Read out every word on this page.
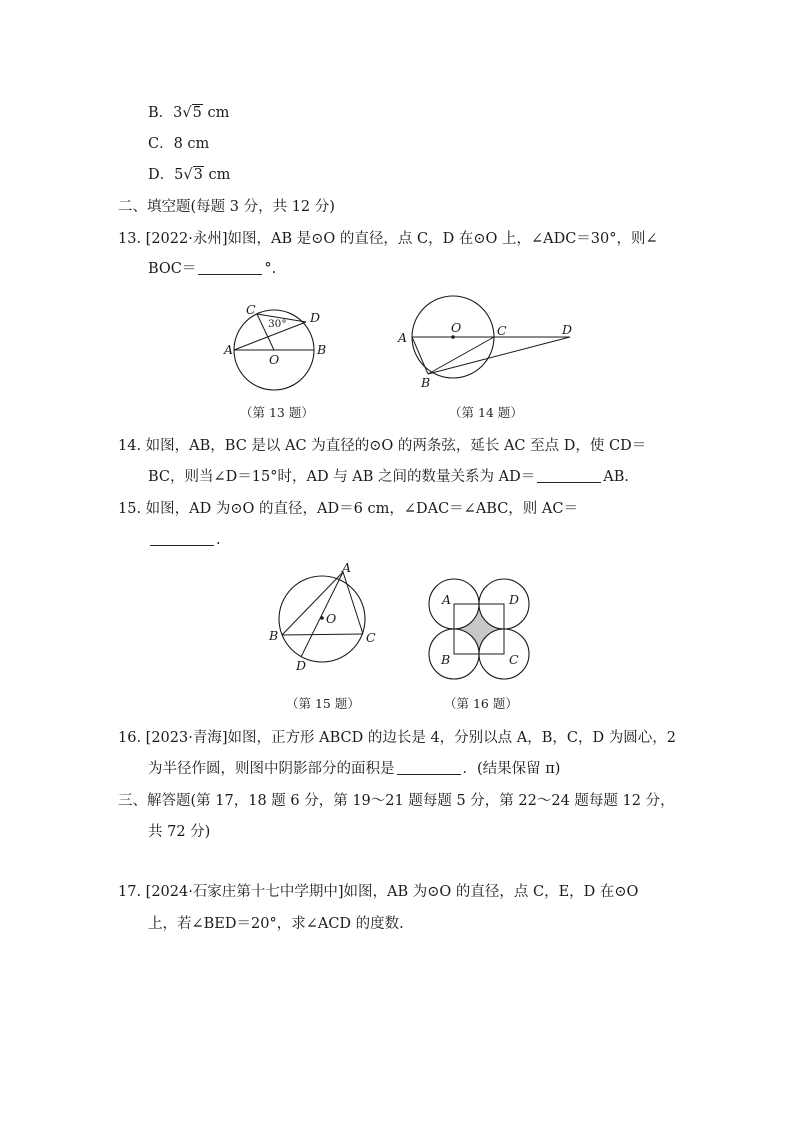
B．3√5 cm
C．8 cm
D．5√3 cm
二、填空题(每题 3 分，共 12 分)
13. [2022·永州]如图，AB 是⊙O 的直径，点 C，D 在⊙O 上，∠ADC＝30°，则∠
BOC＝	°.
C
D
A
O
B
30°
（第 13 题）
A
O	C	D
B
（第 14 题）
14. 如图，AB，BC 是以 AC 为直径的⊙O 的两条弦，延长 AC 至点 D，使 CD＝
BC，则当∠D＝15°时，AD 与 AB 之间的数量关系为 AD＝	AB.
15. 如图，AD 为⊙O 的直径，AD＝6 cm，∠DAC＝∠ABC，则 AC＝
.
A
O
B	C
D
（第 15 题）
A	D
B	C
（第 16 题）
16. [2023·青海]如图，正方形 ABCD 的边长是 4，分别以点 A，B，C，D 为圆心，2
为半径作圆，则图中阴影部分的面积是	．(结果保留 π)
三、解答题(第 17，18 题 6 分，第 19～21 题每题 5 分，第 22～24 题每题 12 分，
共 72 分)
17. [2024·石家庄第十七中学期中]如图，AB 为⊙O 的直径，点 C，E，D 在⊙O
上，若∠BED＝20°，求∠ACD 的度数.
